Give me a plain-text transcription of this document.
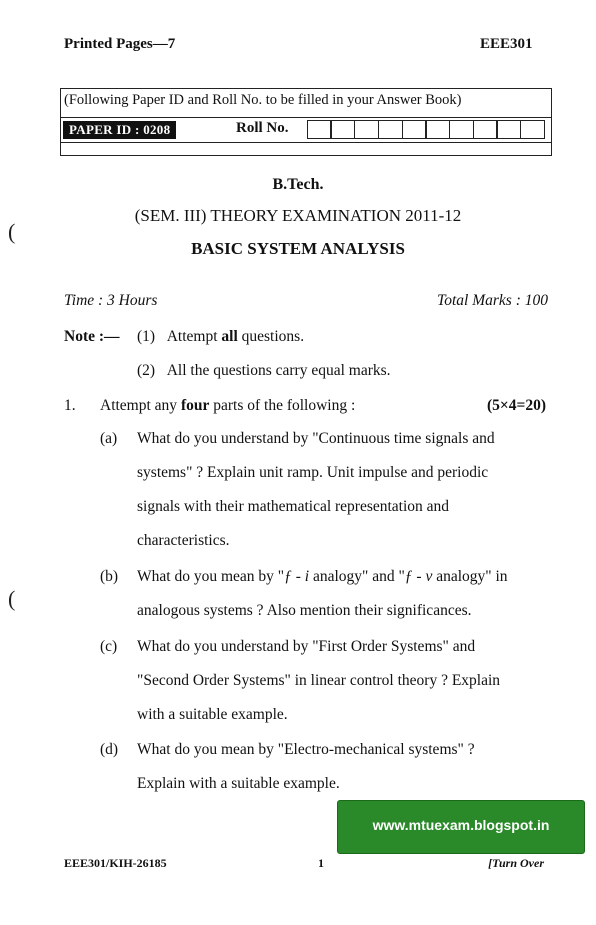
Printed Pages—7	EEE301
(Following Paper ID and Roll No. to be filled in your Answer Book)
PAPER ID : 0208	Roll No.
(
(
B.Tech.
(SEM. III) THEORY EXAMINATION 2011-12
BASIC SYSTEM ANALYSIS
Time : 3 Hours	Total Marks : 100
Note :— (1) Attempt all questions.
(2) All the questions carry equal marks.
1. Attempt any four parts of the following :	(5×4=20)
(a) What do you understand by "Continuous time signals and
systems" ? Explain unit ramp. Unit impulse and periodic
signals with their mathematical representation and
characteristics.
(b) What do you mean by "ƒ - i analogy" and "ƒ - v analogy" in
analogous systems ? Also mention their significances.
(c) What do you understand by "First Order Systems" and
"Second Order Systems" in linear control theory ? Explain
with a suitable example.
(d) What do you mean by "Electro-mechanical systems" ?
Explain with a suitable example.
www.mtuexam.blogspot.in
EEE301/KIH-26185	1	[Turn Over
